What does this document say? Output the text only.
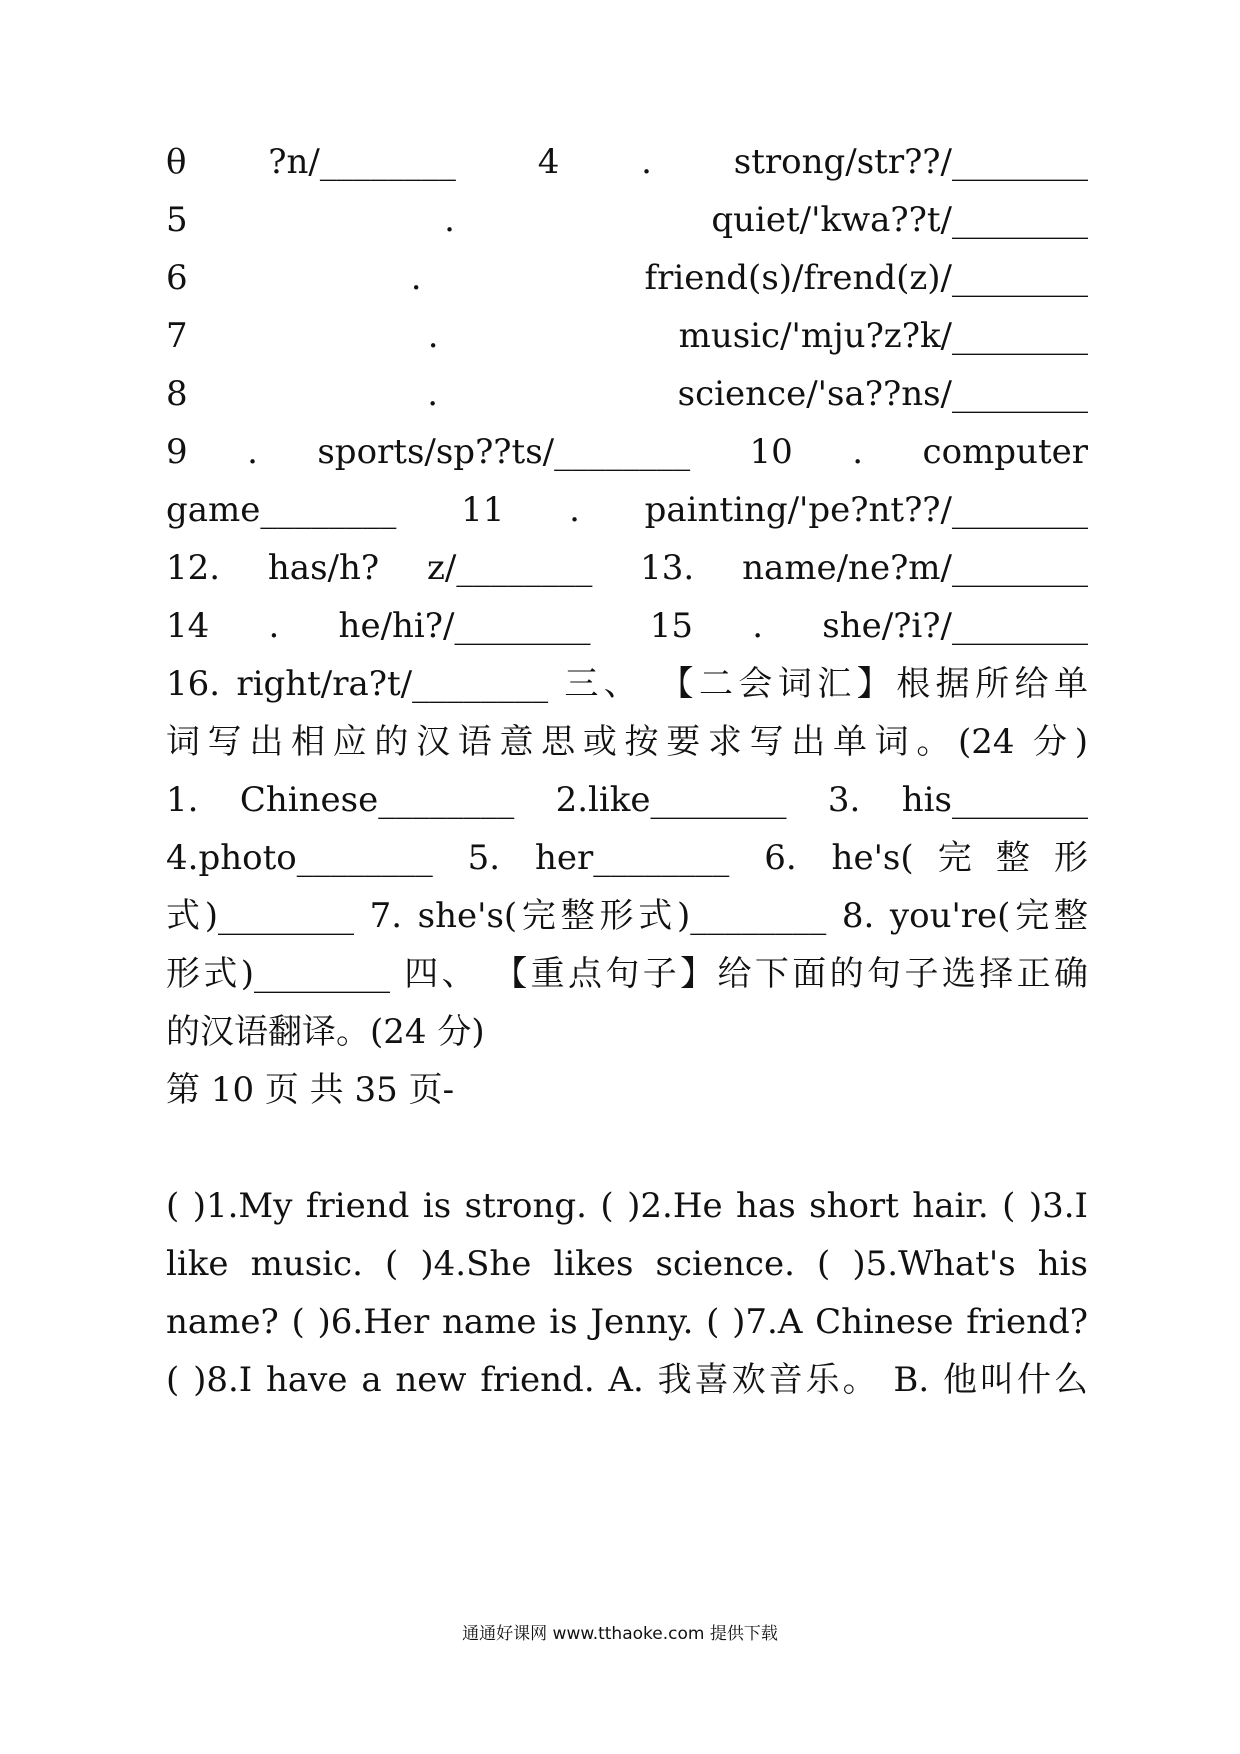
θ ?n/________ 4 . strong/str??/________
5 . quiet/'kwa??t/________
6 . friend(s)/frend(z)/________
7 . music/'mju?z?k/________
8 . science/'sa??ns/________
9 . sports/sp??ts/________ 10 . computer
game________ 11 . painting/'pe?nt??/________
12. has/h? z/________ 13. name/ne?m/________
14 . he/hi?/________ 15 . she/?i?/________
16. right/ra?t/________ 三、 【二会词汇】根据所给单
词写出相应的汉语意思或按要求写出单词。(24 分)
1. Chinese________ 2.like________ 3. his________
4.photo________ 5. her________ 6. he's(完整形
式)________ 7. she's(完整形式)________ 8. you're(完整
形式)________ 四、 【重点句子】给下面的句子选择正确
的汉语翻译。(24 分)
第 10 页 共 35 页-
( )1.My friend is strong. ( )2.He has short hair. ( )3.I
like music. ( )4.She likes science. ( )5.What's his
name? ( )6.Her name is Jenny. ( )7.A Chinese friend?
( )8.I have a new friend. A. 我喜欢音乐。 B. 他叫什么
通通好课网 www.tthaoke.com 提供下载
